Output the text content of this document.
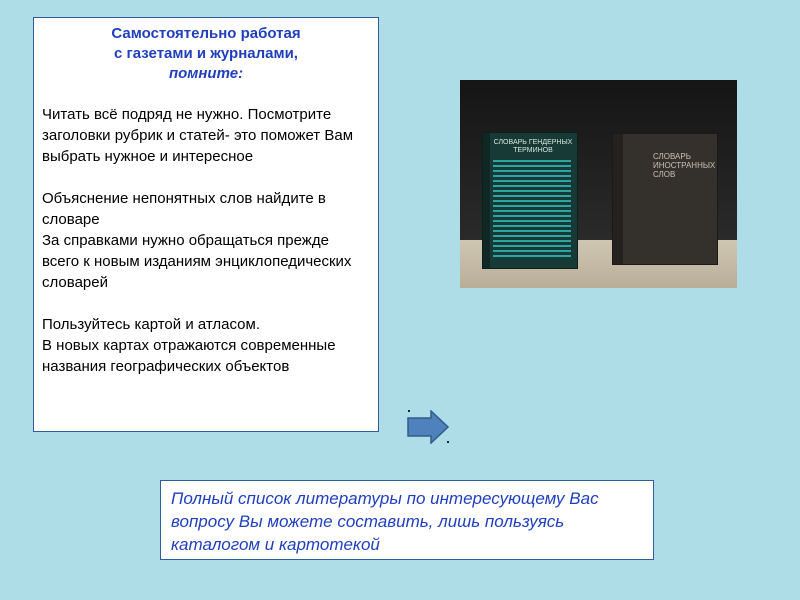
Самостоятельно работая
с газетами и журналами,
помните:

Читать всё подряд не нужно. Посмотрите заголовки рубрик и статей- это поможет Вам выбрать нужное и интересное

Объяснение непонятных слов найдите в словаре

За справками нужно обращаться прежде всего к новым изданиям энциклопедических словарей

Пользуйтесь картой и атласом.

В новых картах отражаются современные названия географических объектов

СЛОВАРЬ ГЕНДЕРНЫХ ТЕРМИНОВ
СЛОВАРЬ ИНОСТРАННЫХ СЛОВ
Полный список литературы по интересующему Вас вопросу Вы можете составить, лишь пользуясь каталогом и картотекой
